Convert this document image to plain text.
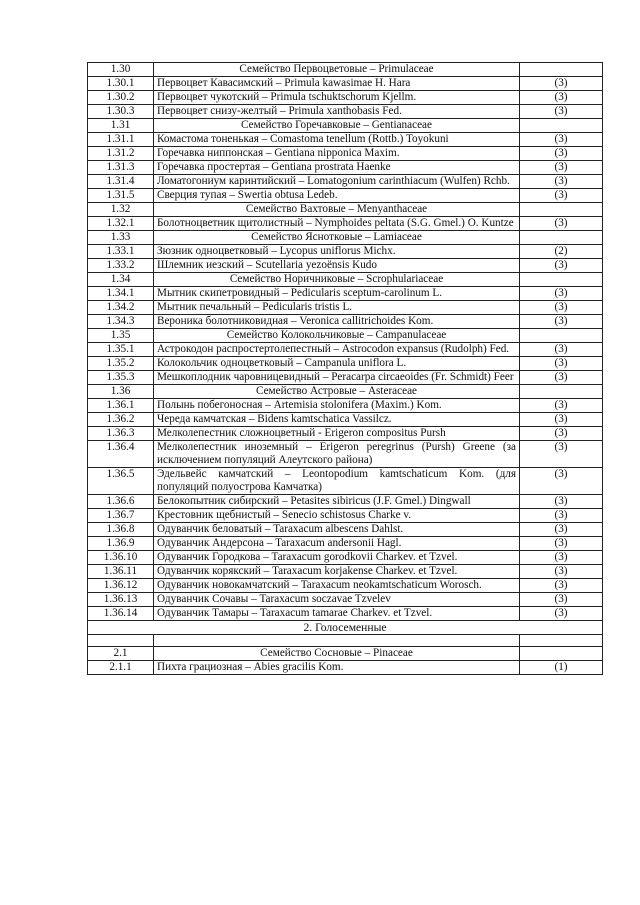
1.30	Семейство Первоцветовые – Primulaceae	
1.30.1	Первоцвет Кавасимский – Primula kawasimae H. Hara	(3)
1.30.2	Первоцвет чукотский – Primula tschuktschorum Kjellm.	(3)
1.30.3	Первоцвет снизу-желтый – Primula xanthobasis Fed.	(3)
1.31	Семейство Горечавковые – Gentianaceae	
1.31.1	Комастома тоненькая – Comastoma tenellum (Rottb.) Toyokuni	(3)
1.31.2	Горечавка ниппонская – Gentiana nipponica Maxim.	(3)
1.31.3	Горечавка простертая – Gentiana prostrata Haenke	(3)
1.31.4	Ломатогониум каринтийский – Lomatogonium carinthiacum (Wulfen) Rchb.	(3)
1.31.5	Сверция тупая – Swertia obtusa Ledeb.	(3)
1.32	Семейство Вахтовые – Menyanthaceae	
1.32.1	Болотноцветник щитолистный – Nymphoides peltata (S.G. Gmel.) O. Kuntze	(3)
1.33	Семейство Яснотковые – Lamiaceae	
1.33.1	Зюзник одноцветковый – Lycopus uniflorus Michx.	(2)
1.33.2	Шлемник иезский – Scutellaria yezoënsis Kudo	(3)
1.34	Семейство Норичниковые – Scrophulariaceae	
1.34.1	Мытник скипетровидный – Pedicularis sceptum-carolinum L.	(3)
1.34.2	Мытник печальный – Pedicularis tristis L.	(3)
1.34.3	Вероника болотниковидная – Veronica callitrichoides Kom.	(3)
1.35	Семейство Колокольчиковые – Campanulaceae	
1.35.1	Астрокодон распростертолепестный – Astrocodon expansus (Rudolph) Fed.	(3)
1.35.2	Колокольчик одноцветковый – Campanula uniflora L.	(3)
1.35.3	Мешкоплодник чаровницевидный – Peracarpa circaeoides (Fr. Schmidt) Feer	(3)
1.36	Семейство Астровые – Asteraceae	
1.36.1	Полынь побегоносная – Artemisia stolonifera (Maxim.) Kom.	(3)
1.36.2	Череда камчатская – Bidens kamtschatica Vassilcz.	(3)
1.36.3	Мелколепестник сложноцветный - Erigeron compositus Pursh	(3)
1.36.4	Мелколепестник иноземный – Erigeron peregrinus (Pursh) Greene (за исключением популяций Алеутского района)	(3)
1.36.5	Эдельвейс камчатский – Leontopodium kamtschaticum Kom. (для популяций полуострова Камчатка)	(3)
1.36.6	Белокопытник сибирский – Petasites sibiricus (J.F. Gmel.) Dingwall	(3)
1.36.7	Крестовник щебнистый – Senecio schistosus Charke v.	(3)
1.36.8	Одуванчик беловатый – Taraxacum albescens Dahlst.	(3)
1.36.9	Одуванчик Андерсона – Taraxacum andersonii Hagl.	(3)
1.36.10	Одуванчик Городкова – Taraxacum gorodkovii Charkev. et Tzvel.	(3)
1.36.11	Одуванчик корякский – Taraxacum korjakense Charkev. et Tzvel.	(3)
1.36.12	Одуванчик новокамчатский – Taraxacum neokamtschaticum Worosch.	(3)
1.36.13	Одуванчик Сочавы – Taraxacum soczavae Tzvelev	(3)
1.36.14	Одуванчик Тамары – Taraxacum tamarae Charkev. et Tzvel.	(3)
2. Голосеменные		

2.1	Семейство Сосновые – Pinaceae	
2.1.1	Пихта грациозная – Abies gracilis Kom.	(1)
